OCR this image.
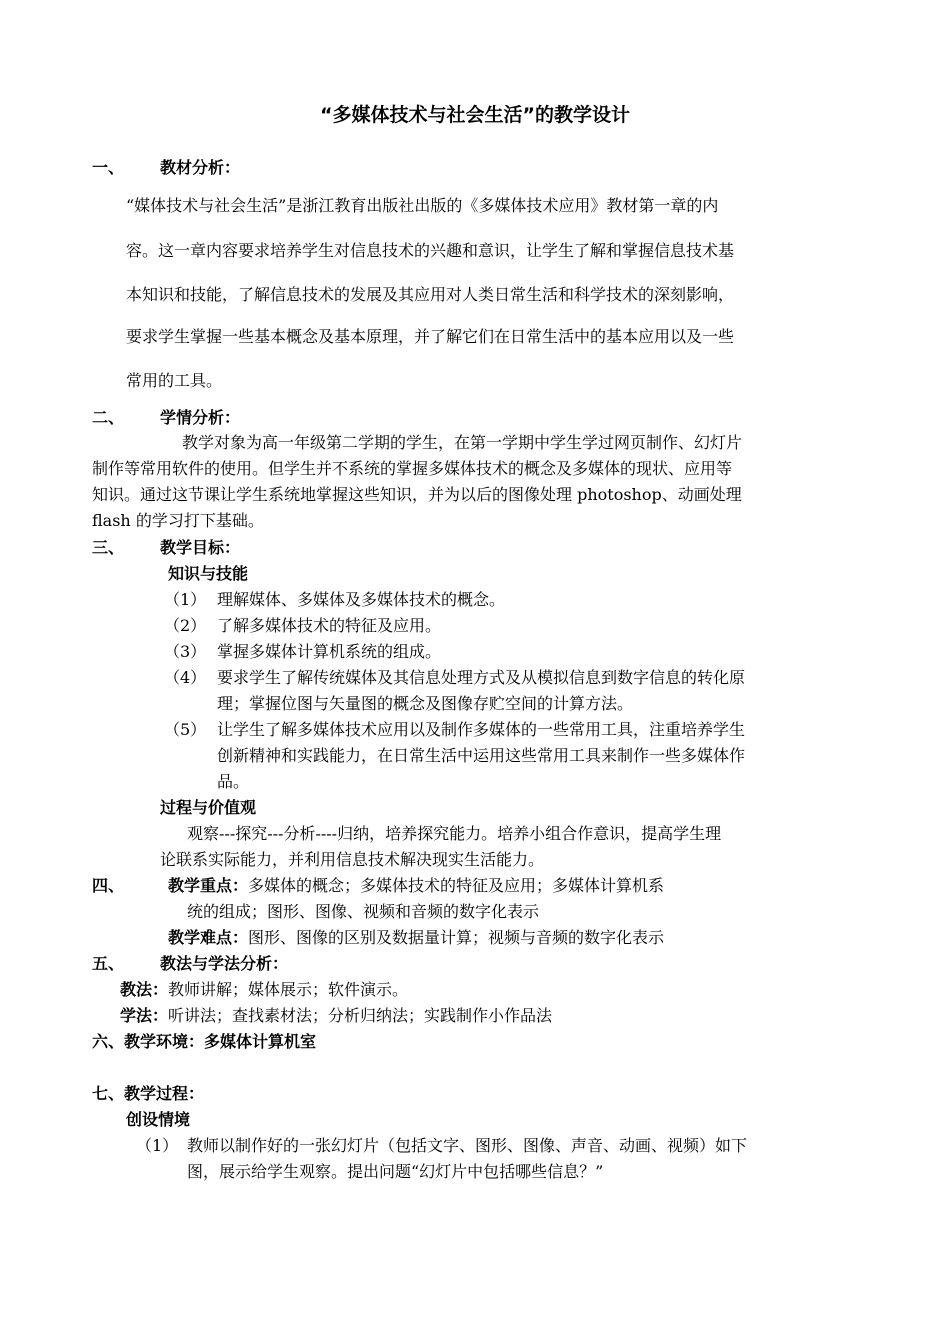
“多媒体技术与社会生活”的教学设计
一、 教材分析：
“媒体技术与社会生活”是浙江教育出版社出版的《多媒体技术应用》教材第一章的内
容。这一章内容要求培养学生对信息技术的兴趣和意识，让学生了解和掌握信息技术基
本知识和技能，了解信息技术的发展及其应用对人类日常生活和科学技术的深刻影响，
要求学生掌握一些基本概念及基本原理，并了解它们在日常生活中的基本应用以及一些
常用的工具。
二、 学情分析：
教学对象为高一年级第二学期的学生，在第一学期中学生学过网页制作、幻灯片
制作等常用软件的使用。但学生并不系统的掌握多媒体技术的概念及多媒体的现状、应用等
知识。通过这节课让学生系统地掌握这些知识，并为以后的图像处理 photoshop、动画处理
flash 的学习打下基础。
三、 教学目标：
知识与技能
（1） 理解媒体、多媒体及多媒体技术的概念。
（2） 了解多媒体技术的特征及应用。
（3） 掌握多媒体计算机系统的组成。
（4） 要求学生了解传统媒体及其信息处理方式及从模拟信息到数字信息的转化原
理；掌握位图与矢量图的概念及图像存贮空间的计算方法。
（5） 让学生了解多媒体技术应用以及制作多媒体的一些常用工具，注重培养学生
创新精神和实践能力，在日常生活中运用这些常用工具来制作一些多媒体作
品。
过程与价值观
观察---探究---分析----归纳，培养探究能力。培养小组合作意识，提高学生理
论联系实际能力，并利用信息技术解决现实生活能力。
四、	教学重点：多媒体的概念；多媒体技术的特征及应用；多媒体计算机系
统的组成；图形、图像、视频和音频的数字化表示
教学难点：图形、图像的区别及数据量计算；视频与音频的数字化表示
五、 教法与学法分析：
教法：教师讲解；媒体展示；软件演示。
学法：听讲法；查找素材法；分析归纳法；实践制作小作品法
六、教学环境：多媒体计算机室
七、教学过程：
创设情境
（1） 教师以制作好的一张幻灯片（包括文字、图形、图像、声音、动画、视频）如下
图，展示给学生观察。提出问题“幻灯片中包括哪些信息？”
